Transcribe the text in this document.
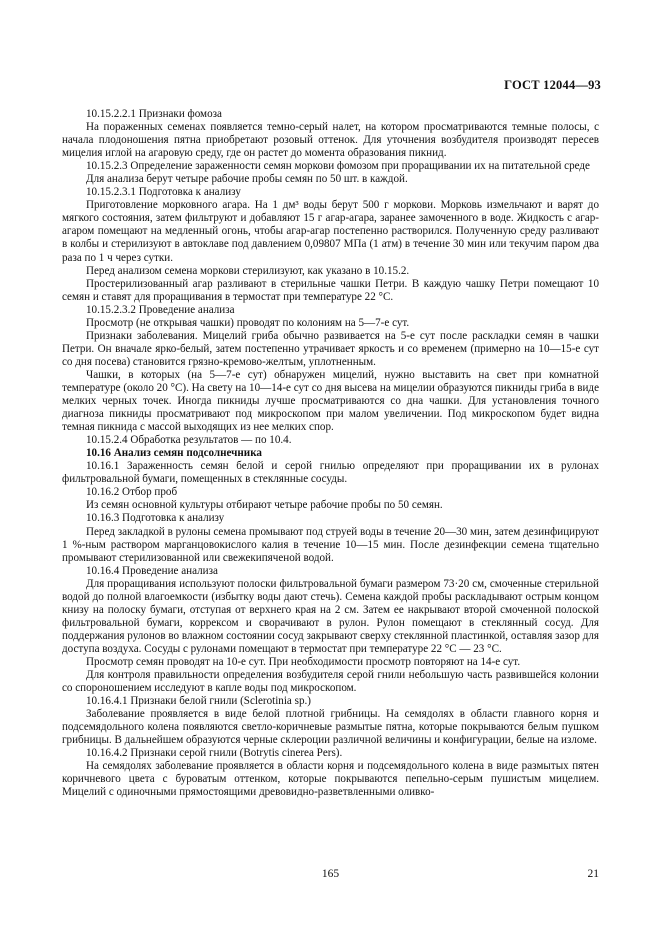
ГОСТ 12044—93

10.15.2.2.1 Признаки фомоза

На пораженных семенах появляется темно-серый налет, на котором просматриваются темные полосы, с начала плодоношения пятна приобретают розовый оттенок. Для уточнения возбудителя производят пересев мицелия иглой на агаровую среду, где он растет до момента образования пикнид.

10.15.2.3 Определение зараженности семян моркови фомозом при проращивании их на питательной среде

Для анализа берут четыре рабочие пробы семян по 50 шт. в каждой.

10.15.2.3.1 Подготовка к анализу

Приготовление морковного агара. На 1 дм³ воды берут 500 г моркови. Морковь измельчают и варят до мягкого состояния, затем фильтруют и добавляют 15 г агар-агара, заранее замоченного в воде. Жидкость с агар-агаром помещают на медленный огонь, чтобы агар-агар постепенно растворился. Полученную среду разливают в колбы и стерилизуют в автоклаве под давлением 0,09807 МПа (1 атм) в течение 30 мин или текучим паром два раза по 1 ч через сутки.

Перед анализом семена моркови стерилизуют, как указано в 10.15.2.

Простерилизованный агар разливают в стерильные чашки Петри. В каждую чашку Петри помещают 10 семян и ставят для проращивания в термостат при температуре 22 °С.

10.15.2.3.2 Проведение анализа

Просмотр (не открывая чашки) проводят по колониям на 5—7-е сут.

Признаки заболевания. Мицелий гриба обычно развивается на 5-е сут после раскладки семян в чашки Петри. Он вначале ярко-белый, затем постепенно утрачивает яркость и со временем (примерно на 10—15-е сут со дня посева) становится грязно-кремово-желтым, уплотненным.

Чашки, в которых (на 5—7-е сут) обнаружен мицелий, нужно выставить на свет при комнатной температуре (около 20 °С). На свету на 10—14-е сут со дня высева на мицелии образуются пикниды гриба в виде мелких черных точек. Иногда пикниды лучше просматриваются со дна чашки. Для установления точного диагноза пикниды просматривают под микроскопом при малом увеличении. Под микроскопом будет видна темная пикнида с массой выходящих из нее мелких спор.

10.15.2.4 Обработка результатов — по 10.4.

10.16 Анализ семян подсолнечника

10.16.1 Зараженность семян белой и серой гнилью определяют при проращивании их в рулонах фильтровальной бумаги, помещенных в стеклянные сосуды.

10.16.2 Отбор проб

Из семян основной культуры отбирают четыре рабочие пробы по 50 семян.

10.16.3 Подготовка к анализу

Перед закладкой в рулоны семена промывают под струей воды в течение 20—30 мин, затем дезинфицируют 1 %-ным раствором марганцовокислого калия в течение 10—15 мин. После дезинфекции семена тщательно промывают стерилизованной или свежекипяченой водой.

10.16.4 Проведение анализа

Для проращивания используют полоски фильтровальной бумаги размером 73·20 см, смоченные стерильной водой до полной влагоемкости (избытку воды дают стечь). Семена каждой пробы раскладывают острым концом книзу на полоску бумаги, отступая от верхнего края на 2 см. Затем ее накрывают второй смоченной полоской фильтровальной бумаги, коррексом и сворачивают в рулон. Рулон помещают в стеклянный сосуд. Для поддержания рулонов во влажном состоянии сосуд закрывают сверху стеклянной пластинкой, оставляя зазор для доступа воздуха. Сосуды с рулонами помещают в термостат при температуре 22 °С — 23 °С.

Просмотр семян проводят на 10-е сут. При необходимости просмотр повторяют на 14-е сут.

Для контроля правильности определения возбудителя серой гнили небольшую часть развившейся колонии со спороношением исследуют в капле воды под микроскопом.

10.16.4.1 Признаки белой гнили (Sclerotinia sp.)

Заболевание проявляется в виде белой плотной грибницы. На семядолях в области главного корня и подсемядольного колена появляются светло-коричневые размытые пятна, которые покрываются белым пушком грибницы. В дальнейшем образуются черные склероции различной величины и конфигурации, белые на изломе.

10.16.4.2 Признаки серой гнили (Botrytis cinerea Pers).

На семядолях заболевание проявляется в области корня и подсемядольного колена в виде размытых пятен коричневого цвета с буроватым оттенком, которые покрываются пепельно-серым пушистым мицелием. Мицелий с одиночными прямостоящими древовидно-разветвленными оливко-

165	21
